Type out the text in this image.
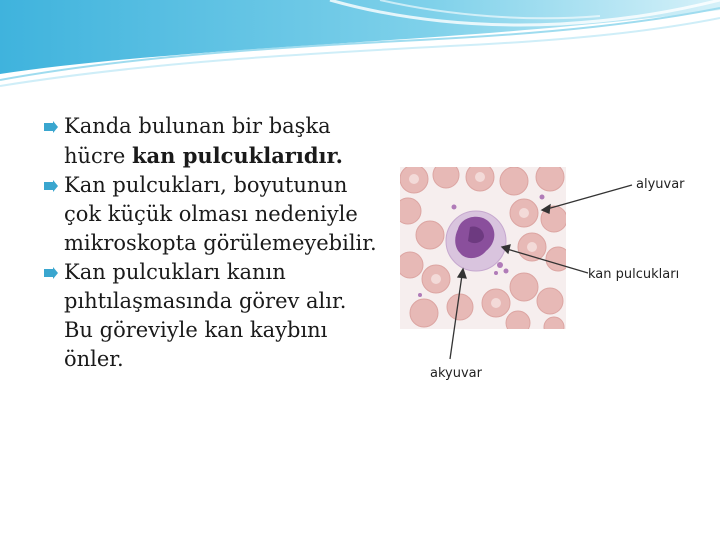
Kanda bulunan bir başka
hücre kan pulcuklarıdır.
Kan pulcukları, boyutunun
çok küçük olması nedeniyle
mikroskopta görülemeyebilir.
Kan pulcukları kanın
pıhtılaşmasında görev alır.
Bu göreviyle kan kaybını
önler.
alyuvar
kan pulcukları
akyuvar
